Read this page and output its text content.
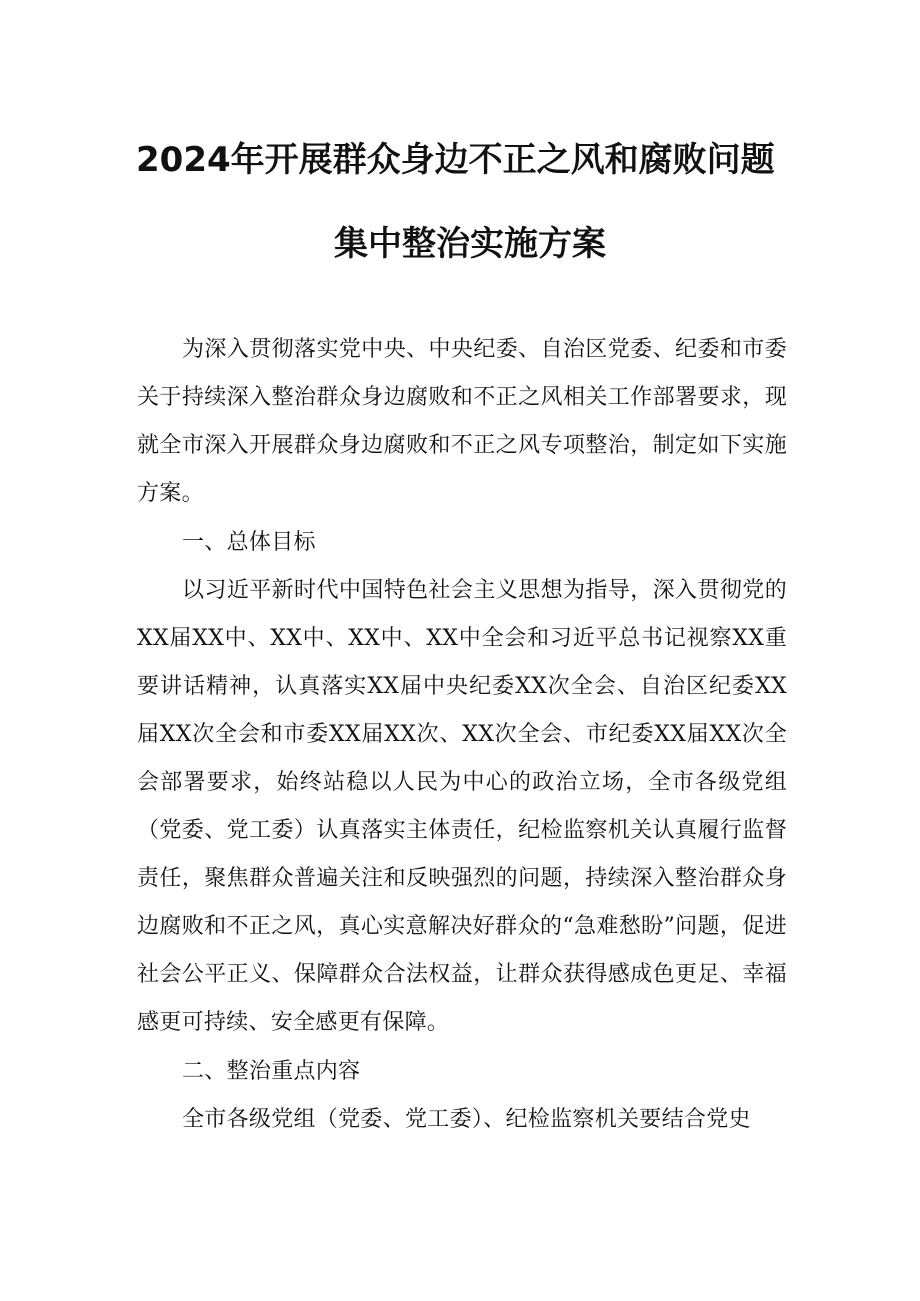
2024年开展群众身边不正之风和腐败问题
集中整治实施方案

为深入贯彻落实党中央、中央纪委、自治区党委、纪委和市委关于持续深入整治群众身边腐败和不正之风相关工作部署要求，现就全市深入开展群众身边腐败和不正之风专项整治，制定如下实施方案。

一、总体目标

以习近平新时代中国特色社会主义思想为指导，深入贯彻党的XX届XX中、XX中、XX中、XX中全会和习近平总书记视察XX重要讲话精神，认真落实XX届中央纪委XX次全会、自治区纪委XX届XX次全会和市委XX届XX次、XX次全会、市纪委XX届XX次全会部署要求，始终站稳以人民为中心的政治立场，全市各级党组（党委、党工委）认真落实主体责任，纪检监察机关认真履行监督责任，聚焦群众普遍关注和反映强烈的问题，持续深入整治群众身边腐败和不正之风，真心实意解决好群众的“急难愁盼”问题，促进社会公平正义、保障群众合法权益，让群众获得感成色更足、幸福感更可持续、安全感更有保障。

二、整治重点内容

全市各级党组（党委、党工委）、纪检监察机关要结合党史
